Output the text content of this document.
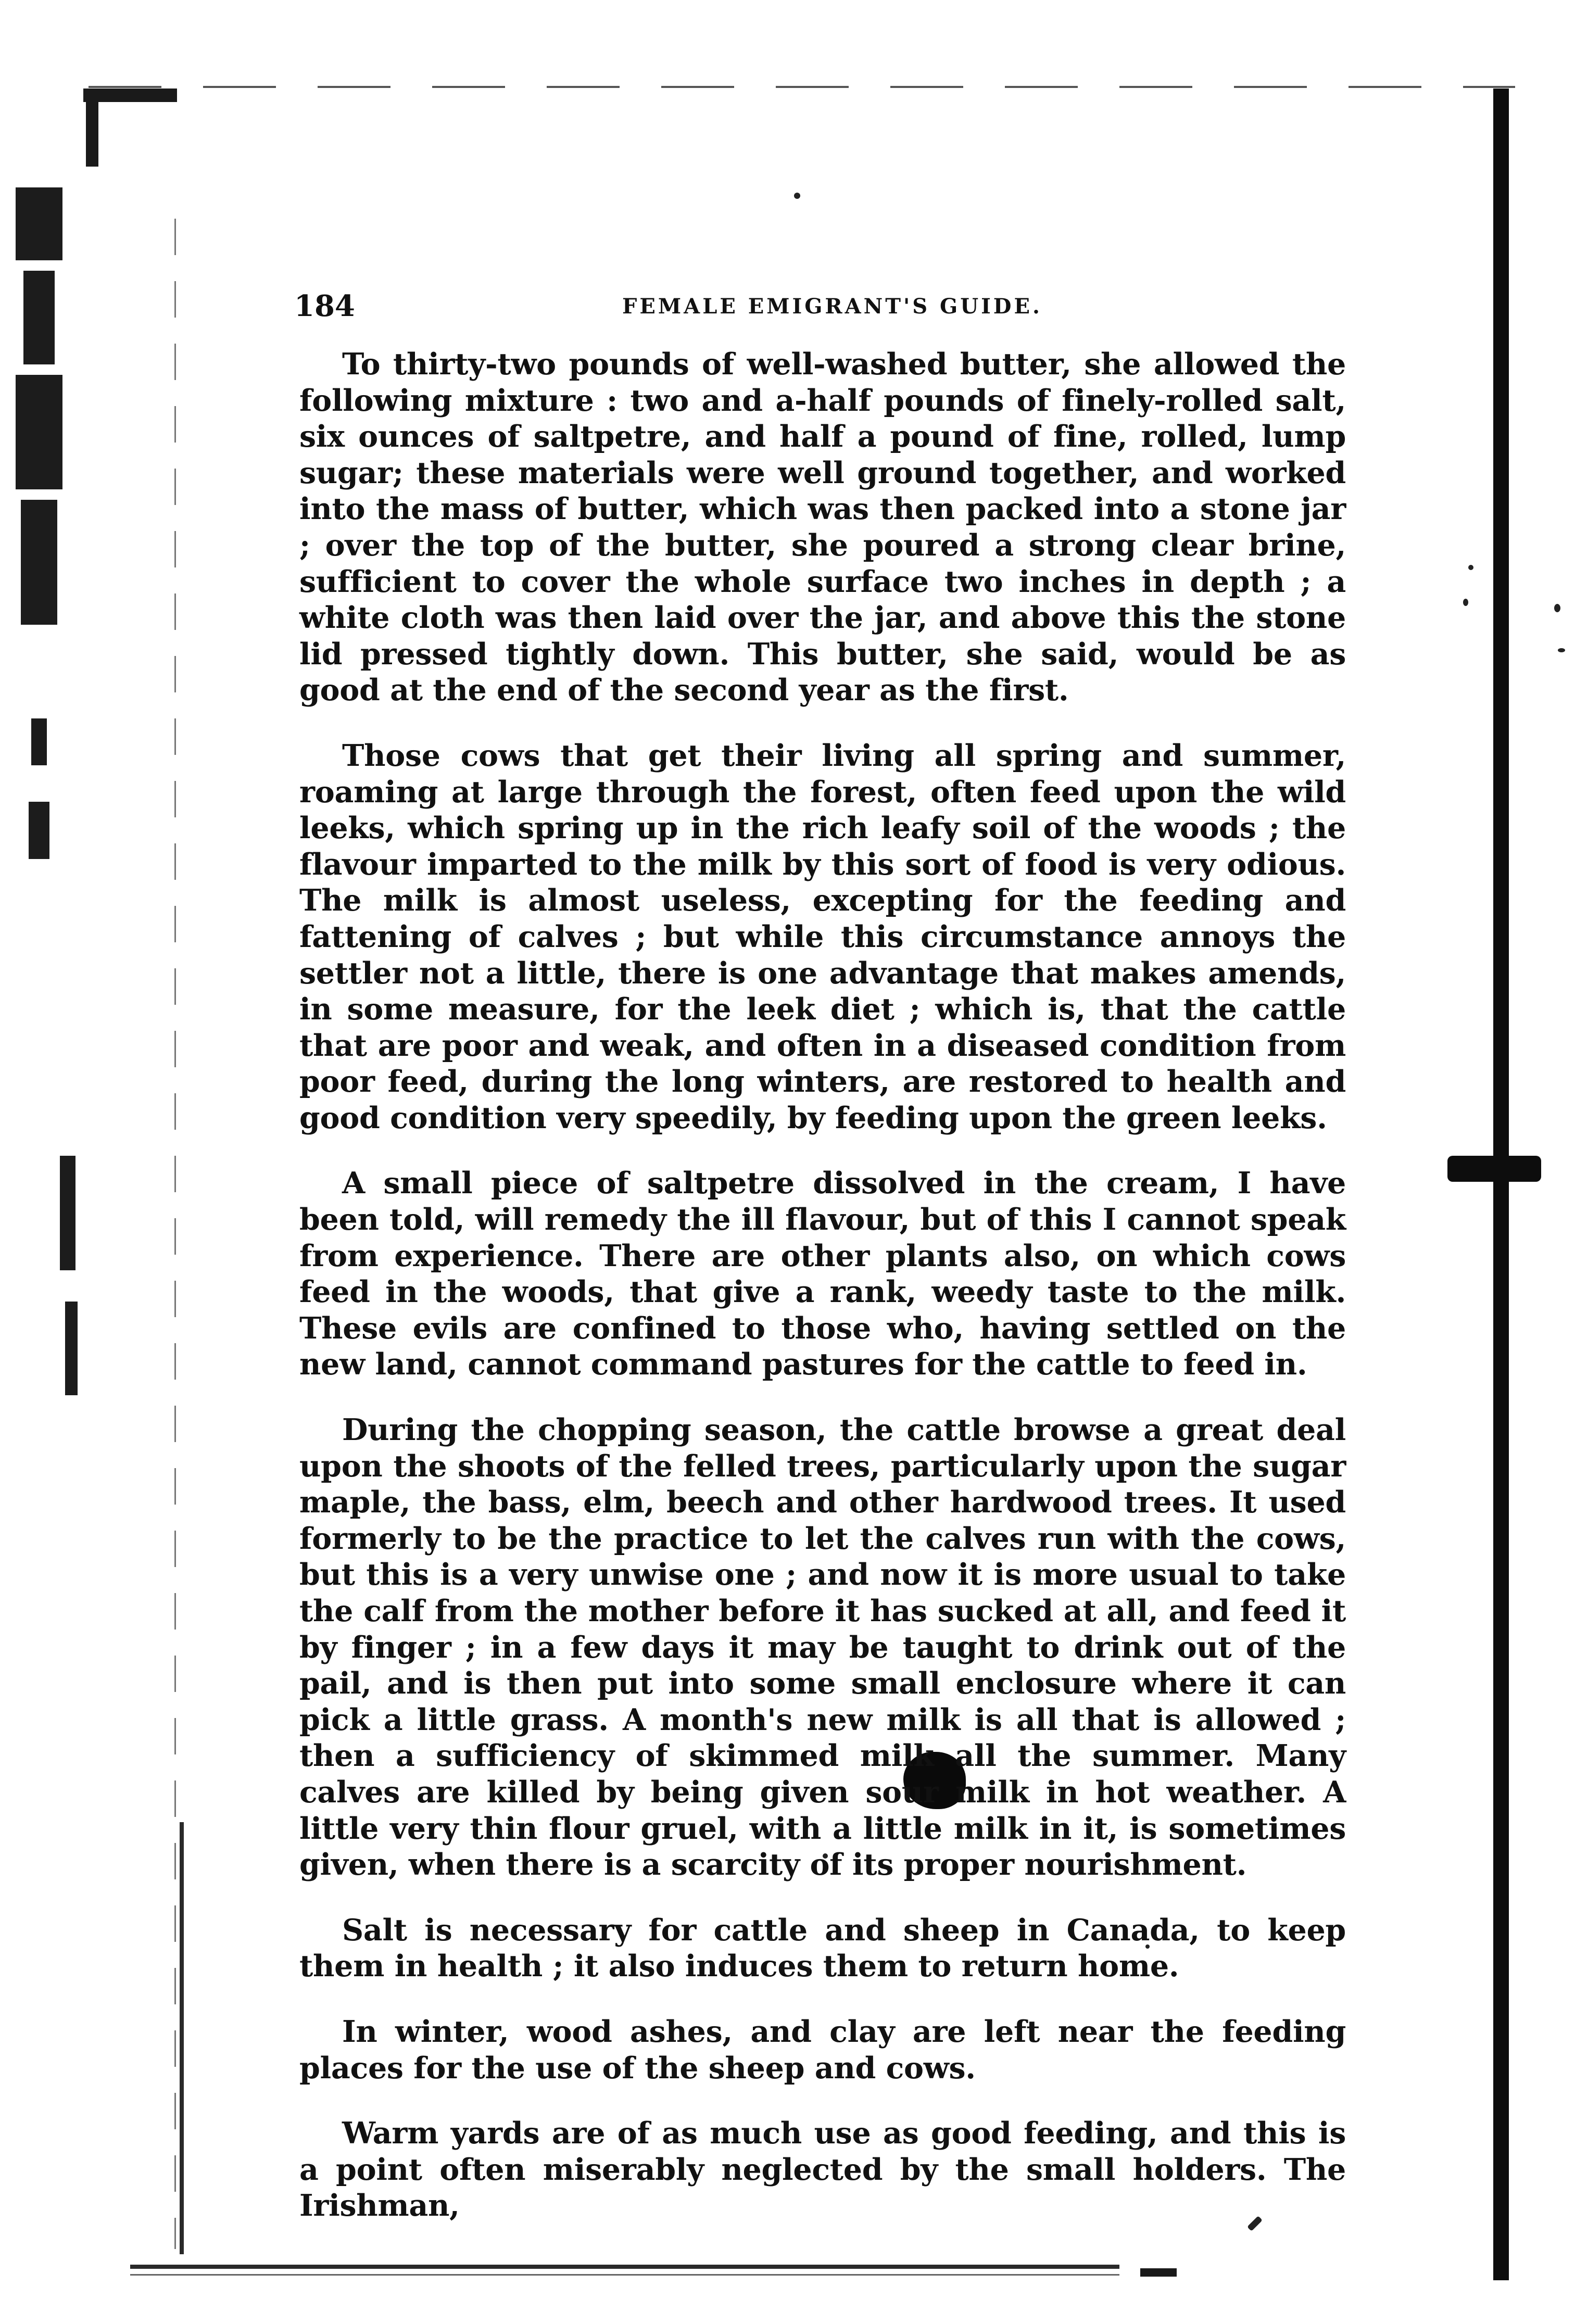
184	FEMALE EMIGRANT'S GUIDE.

To thirty-two pounds of well-washed butter, she allowed the following mixture : two and a-half pounds of finely-rolled salt, six ounces of saltpetre, and half a pound of fine, rolled, lump sugar; these materials were well ground together, and worked into the mass of butter, which was then packed into a stone jar ; over the top of the butter, she poured a strong clear brine, sufficient to cover the whole surface two inches in depth ; a white cloth was then laid over the jar, and above this the stone lid pressed tightly down. This butter, she said, would be as good at the end of the second year as the first.

Those cows that get their living all spring and summer, roaming at large through the forest, often feed upon the wild leeks, which spring up in the rich leafy soil of the woods ; the flavour imparted to the milk by this sort of food is very odious. The milk is almost useless, excepting for the feeding and fattening of calves ; but while this circumstance annoys the settler not a little, there is one advantage that makes amends, in some measure, for the leek diet ; which is, that the cattle that are poor and weak, and often in a diseased condition from poor feed, during the long winters, are restored to health and good condition very speedily, by feeding upon the green leeks.

A small piece of saltpetre dissolved in the cream, I have been told, will remedy the ill flavour, but of this I cannot speak from experience. There are other plants also, on which cows feed in the woods, that give a rank, weedy taste to the milk. These evils are confined to those who, having settled on the new land, cannot command pastures for the cattle to feed in.

During the chopping season, the cattle browse a great deal upon the shoots of the felled trees, particularly upon the sugar maple, the bass, elm, beech and other hardwood trees. It used formerly to be the practice to let the calves run with the cows, but this is a very unwise one ; and now it is more usual to take the calf from the mother before it has sucked at all, and feed it by finger ; in a few days it may be taught to drink out of the pail, and is then put into some small enclosure where it can pick a little grass. A month's new milk is all that is allowed ; then a sufficiency of skimmed milk all the summer. Many calves are killed by being given sour milk in hot weather. A little very thin flour gruel, with a little milk in it, is sometimes given, when there is a scarcity of its proper nourishment.

Salt is necessary for cattle and sheep in Canada, to keep them in health ; it also induces them to return home.

In winter, wood ashes, and clay are left near the feeding places for the use of the sheep and cows.

Warm yards are of as much use as good feeding, and this is a point often miserably neglected by the small holders. The Irishman,
